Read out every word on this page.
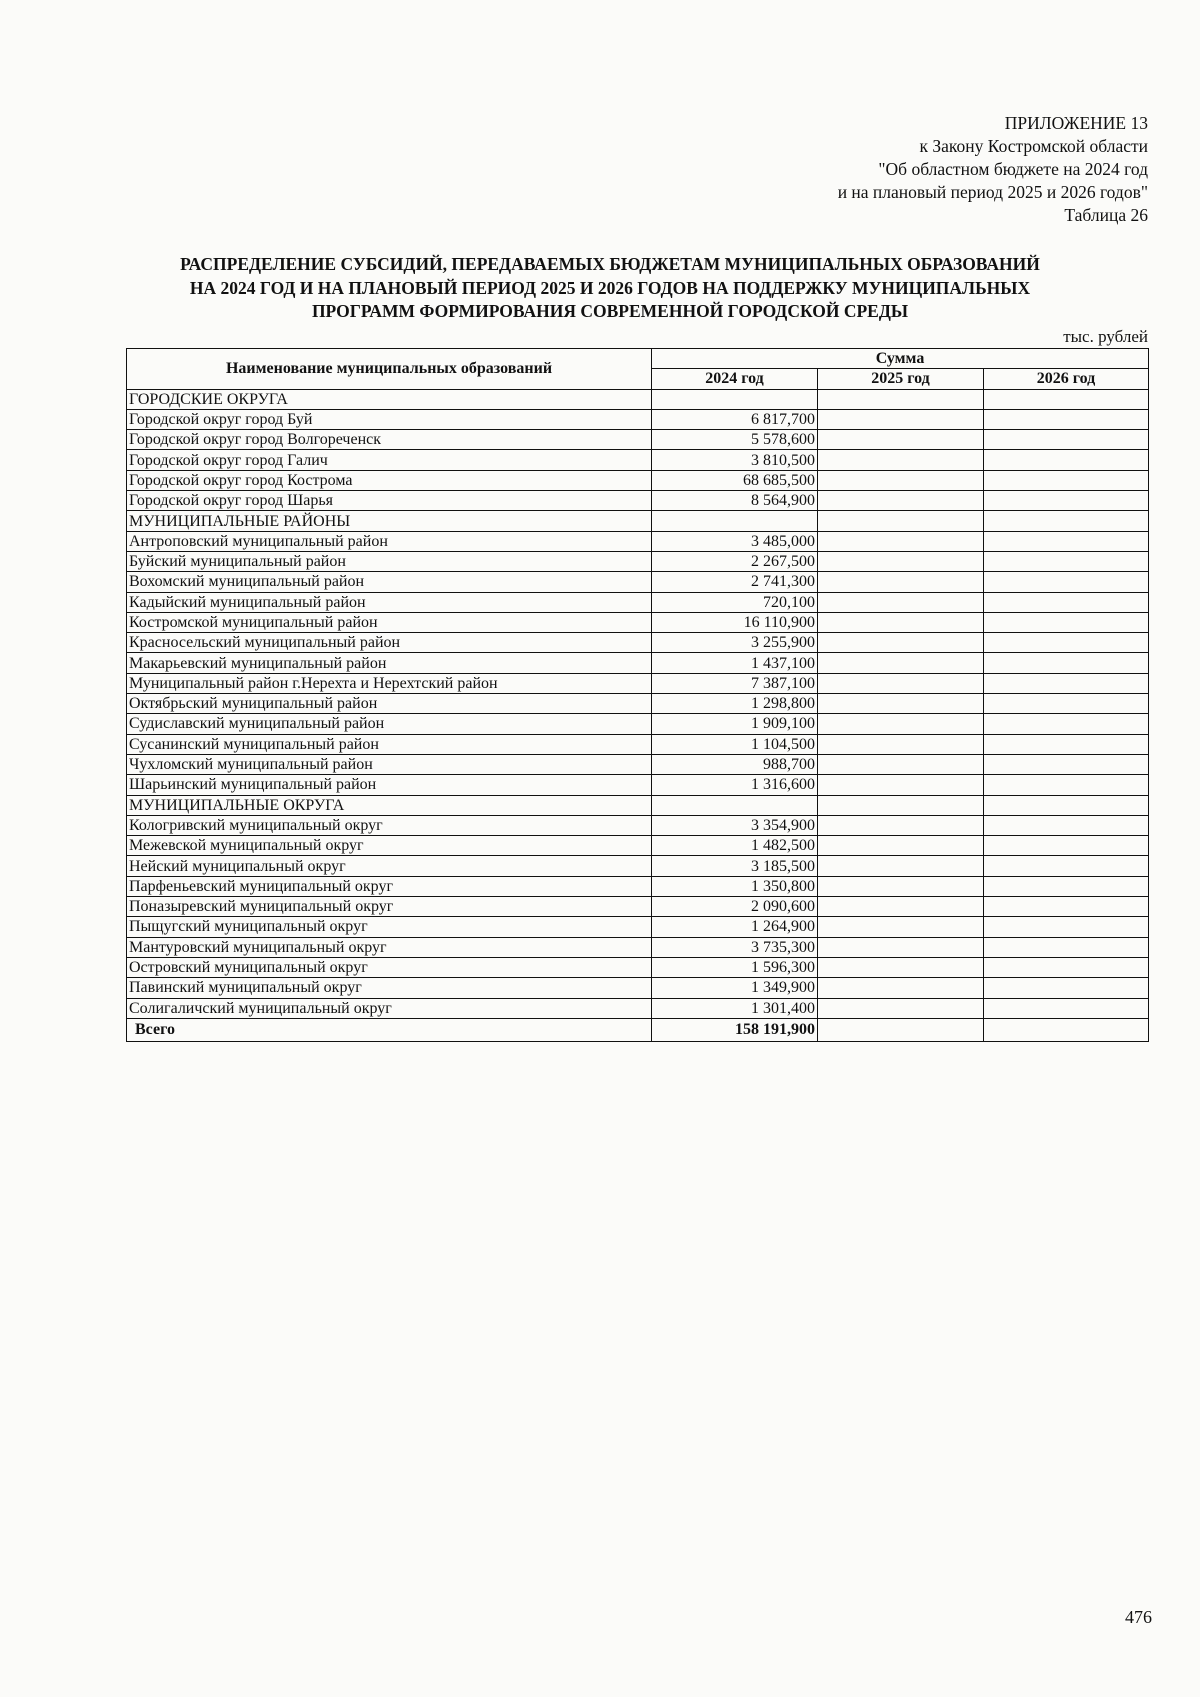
ПРИЛОЖЕНИЕ 13
к Закону Костромской области
"Об областном бюджете на 2024 год
и на плановый период 2025 и 2026 годов"
Таблица 26
РАСПРЕДЕЛЕНИЕ СУБСИДИЙ, ПЕРЕДАВАЕМЫХ БЮДЖЕТАМ МУНИЦИПАЛЬНЫХ ОБРАЗОВАНИЙ
НА 2024 ГОД И НА ПЛАНОВЫЙ ПЕРИОД 2025 И 2026 ГОДОВ НА ПОДДЕРЖКУ МУНИЦИПАЛЬНЫХ
ПРОГРАММ ФОРМИРОВАНИЯ СОВРЕМЕННОЙ ГОРОДСКОЙ СРЕДЫ
тыс. рублей
Наименование муниципальных образований	Сумма		
	2024 год	2025 год	2026 год
ГОРОДСКИЕ ОКРУГА			
Городской округ город Буй	6 817,700		
Городской округ город Волгореченск	5 578,600		
Городской округ город Галич	3 810,500		
Городской округ город Кострома	68 685,500		
Городской округ город Шарья	8 564,900		
МУНИЦИПАЛЬНЫЕ РАЙОНЫ			
Антроповский муниципальный район	3 485,000		
Буйский муниципальный район	2 267,500		
Вохомский муниципальный район	2 741,300		
Кадыйский муниципальный район	720,100		
Костромской муниципальный район	16 110,900		
Красносельский муниципальный район	3 255,900		
Макарьевский муниципальный район	1 437,100		
Муниципальный район г.Нерехта и Нерехтский район	7 387,100		
Октябрьский муниципальный район	1 298,800		
Судиславский муниципальный район	1 909,100		
Сусанинский муниципальный район	1 104,500		
Чухломский муниципальный район	988,700		
Шарьинский муниципальный район	1 316,600		
МУНИЦИПАЛЬНЫЕ ОКРУГА			
Кологривский муниципальный округ	3 354,900		
Межевской муниципальный округ	1 482,500		
Нейский муниципальный округ	3 185,500		
Парфеньевский муниципальный округ	1 350,800		
Поназыревский муниципальный округ	2 090,600		
Пыщугский муниципальный округ	1 264,900		
Мантуровский муниципальный округ	3 735,300		
Островский муниципальный округ	1 596,300		
Павинский муниципальный округ	1 349,900		
Солигаличский муниципальный округ	1 301,400		
Всего	158 191,900		
476
